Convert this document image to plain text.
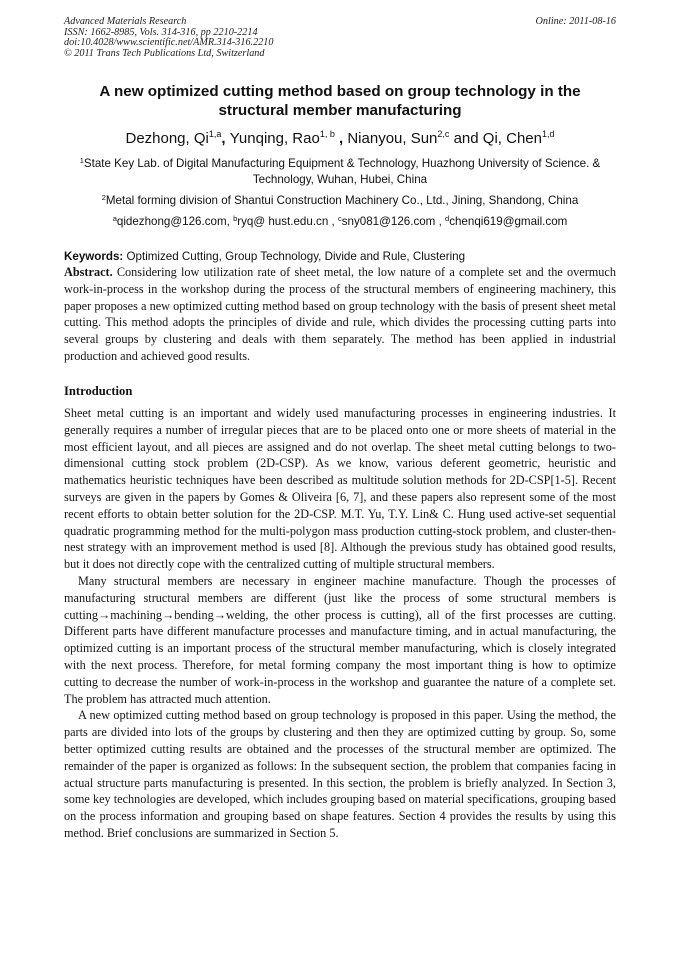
Advanced Materials Research
ISSN: 1662-8985, Vols. 314-316, pp 2210-2214
doi:10.4028/www.scientific.net/AMR.314-316.2210
© 2011 Trans Tech Publications Ltd, Switzerland
Online: 2011-08-16
A new optimized cutting method based on group technology in the structural member manufacturing
Dezhong, Qi$^{1,a}$, Yunqing, Rao$^{1, b}$ , Nianyou, Sun$^{2,c}$ and Qi, Chen$^{1,d}$
$^1$State Key Lab. of Digital Manufacturing Equipment & Technology, Huazhong University of Science. & Technology, Wuhan, Hubei, China
$^2$Metal forming division of Shantui Construction Machinery Co., Ltd., Jining, Shandong, China
$^a$qidezhong@126.com, $^b$ryq@ hust.edu.cn , $^c$sny081@126.com , $^d$chenqi619@gmail.com
Keywords: Optimized Cutting, Group Technology, Divide and Rule, Clustering
Abstract. Considering low utilization rate of sheet metal, the low nature of a complete set and the overmuch work-in-process in the workshop during the process of the structural members of engineering machinery, this paper proposes a new optimized cutting method based on group technology with the basis of present sheet metal cutting. This method adopts the principles of divide and rule, which divides the processing cutting parts into several groups by clustering and deals with them separately. The method has been applied in industrial production and achieved good results.
Introduction

Sheet metal cutting is an important and widely used manufacturing processes in engineering industries. It generally requires a number of irregular pieces that are to be placed onto one or more sheets of material in the most efficient layout, and all pieces are assigned and do not overlap. The sheet metal cutting belongs to two-dimensional cutting stock problem (2D-CSP). As we know, various deferent geometric, heuristic and mathematics heuristic techniques have been described as multitude solution methods for 2D-CSP[1-5]. Recent surveys are given in the papers by Gomes & Oliveira [6, 7], and these papers also represent some of the most recent efforts to obtain better solution for the 2D-CSP. M.T. Yu, T.Y. Lin& C. Hung used active-set sequential quadratic programming method for the multi-polygon mass production cutting-stock problem, and cluster-then-nest strategy with an improvement method is used [8]. Although the previous study has obtained good results, but it does not directly cope with the centralized cutting of multiple structural members.

Many structural members are necessary in engineer machine manufacture. Though the processes of manufacturing structural members are different (just like the process of some structural members is cutting→machining→bending→welding, the other process is cutting), all of the first processes are cutting. Different parts have different manufacture processes and manufacture timing, and in actual manufacturing, the optimized cutting is an important process of the structural member manufacturing, which is closely integrated with the next process. Therefore, for metal forming company the most important thing is how to optimize cutting to decrease the number of work-in-process in the workshop and guarantee the nature of a complete set. The problem has attracted much attention.

A new optimized cutting method based on group technology is proposed in this paper. Using the method, the parts are divided into lots of the groups by clustering and then they are optimized cutting by group. So, some better optimized cutting results are obtained and the processes of the structural member are optimized. The remainder of the paper is organized as follows: In the subsequent section, the problem that companies facing in actual structure parts manufacturing is presented. In this section, the problem is briefly analyzed. In Section 3, some key technologies are developed, which includes grouping based on material specifications, grouping based on the process information and grouping based on shape features. Section 4 provides the results by using this method. Brief conclusions are summarized in Section 5.
